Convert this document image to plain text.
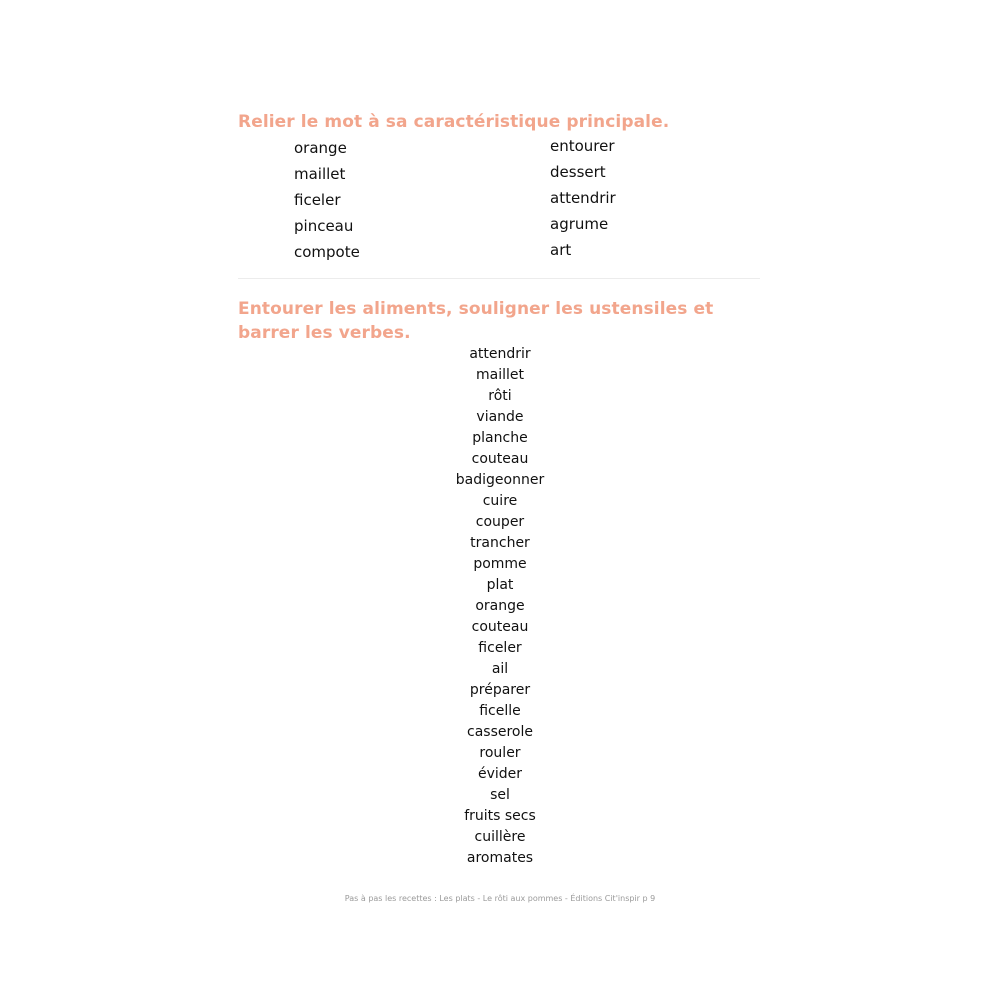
Relier le mot à sa caractéristique principale.
orange
maillet
ficeler
pinceau
compote
entourer
dessert
attendrir
agrume
art
Entourer les aliments, souligner les ustensiles et barrer les verbes.
attendrir
maillet
rôti
viande
planche
couteau
badigeonner
cuire
couper
trancher
pomme
plat
orange
couteau
ficeler
ail
préparer
ficelle
casserole
rouler
évider
sel
fruits secs
cuillère
aromates
Pas à pas les recettes : Les plats - Le rôti aux pommes - Éditions Cit'inspir p 9
